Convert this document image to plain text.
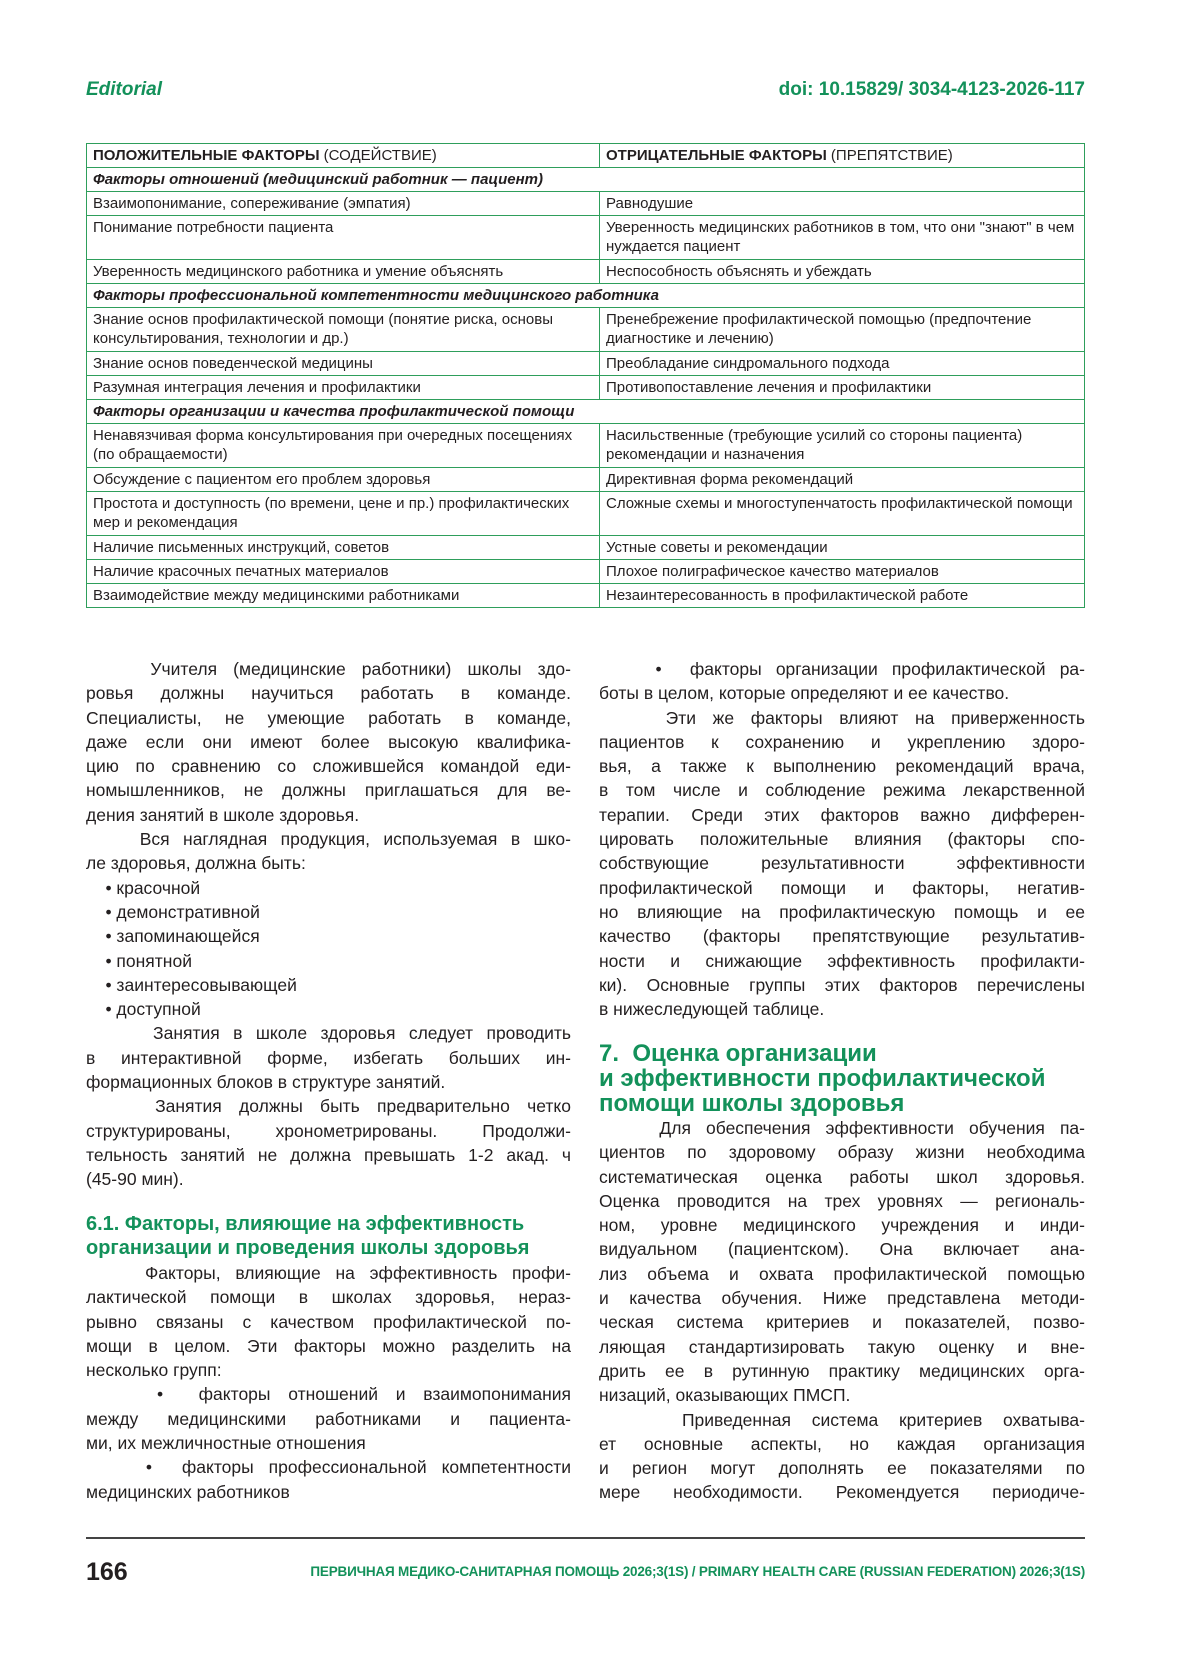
Editorial	doi: 10.15829/ 3034-4123-2026-117
ПОЛОЖИТЕЛЬНЫЕ ФАКТОРЫ (СОДЕЙСТВИЕ)	ОТРИЦАТЕЛЬНЫЕ ФАКТОРЫ (ПРЕПЯТСТВИЕ)
Факторы отношений (медицинский работник — пациент)	
Взаимопонимание, сопереживание (эмпатия)	Равнодушие
Понимание потребности пациента	Уверенность медицинских работников в том, что они "знают" в чем нуждается пациент
Уверенность медицинского работника и умение объяснять	Неспособность объяснять и убеждать
Факторы профессиональной компетентности медицинского работника	
Знание основ профилактической помощи (понятие риска, основы консультирования, технологии и др.)	Пренебрежение профилактической помощью (предпочтение диагностике и лечению)
Знание основ поведенческой медицины	Преобладание синдромального подхода
Разумная интеграция лечения и профилактики	Противопоставление лечения и профилактики
Факторы организации и качества профилактической помощи	
Ненавязчивая форма консультирования при очередных посещениях (по обращаемости)	Насильственные (требующие усилий со стороны пациента) рекомендации и назначения
Обсуждение с пациентом его проблем здоровья	Директивная форма рекомендаций
Простота и доступность (по времени, цене и пр.) профилактических мер и рекомендация	Сложные схемы и многоступенчатость профилактической помощи
Наличие письменных инструкций, советов	Устные советы и рекомендации
Наличие красочных печатных материалов	Плохое полиграфическое качество материалов
Взаимодействие между медицинскими работниками	Незаинтересованность в профилактической работе
Учителя (медицинские работники) школы здо-
ровья должны научиться работать в команде.
Специалисты, не умеющие работать в команде,
даже если они имеют более высокую квалифика-
цию по сравнению со сложившейся командой еди-
номышленников, не должны приглашаться для ве-
дения занятий в школе здоровья.
Вся наглядная продукция, используемая в шко-
ле здоровья, должна быть:
• красочной
• демонстративной
• запоминающейся
• понятной
• заинтересовывающей
• доступной
Занятия в школе здоровья следует проводить
в интерактивной форме, избегать больших ин-
формационных блоков в структуре занятий.
Занятия должны быть предварительно четко
структурированы, хронометрированы. Продолжи-
тельность занятий не должна превышать 1-2 акад. ч
(45-90 мин).
6.1. Факторы, влияющие на эффективность
организации и проведения школы здоровья
Факторы, влияющие на эффективность профи-
лактической помощи в школах здоровья, нераз-
рывно связаны с качеством профилактической по-
мощи в целом. Эти факторы можно разделить на
несколько групп:
•  факторы отношений и взаимопонимания
между медицинскими работниками и пациента-
ми, их межличностные отношения
•  факторы профессиональной компетентности
медицинских работников
•  факторы организации профилактической ра-
боты в целом, которые определяют и ее качество.
Эти же факторы влияют на приверженность
пациентов к сохранению и укреплению здоро-
вья, а также к выполнению рекомендаций врача,
в том числе и соблюдение режима лекарственной
терапии. Среди этих факторов важно дифферен-
цировать положительные влияния (факторы спо-
собствующие результативности эффективности
профилактической помощи и факторы, негатив-
но влияющие на профилактическую помощь и ее
качество (факторы препятствующие результатив-
ности и снижающие эффективность профилакти-
ки). Основные группы этих факторов перечислены
в нижеследующей таблице.
7.  Оценка организации
и эффективности профилактической
помощи школы здоровья
Для обеспечения эффективности обучения па-
циентов по здоровому образу жизни необходима
систематическая оценка работы школ здоровья.
Оценка проводится на трех уровнях — региональ-
ном, уровне медицинского учреждения и инди-
видуальном (пациентском). Она включает ана-
лиз объема и охвата профилактической помощью
и качества обучения. Ниже представлена методи-
ческая система критериев и показателей, позво-
ляющая стандартизировать такую оценку и вне-
дрить ее в рутинную практику медицинских орга-
низаций, оказывающих ПМСП.
Приведенная система критериев охватыва-
ет основные аспекты, но каждая организация
и регион могут дополнять ее показателями по
мере необходимости. Рекомендуется периодиче-
166	ПЕРВИЧНАЯ МЕДИКО-САНИТАРНАЯ ПОМОЩЬ 2026;3(1S) / PRIMARY HEALTH CARE (RUSSIAN FEDERATION) 2026;3(1S)
